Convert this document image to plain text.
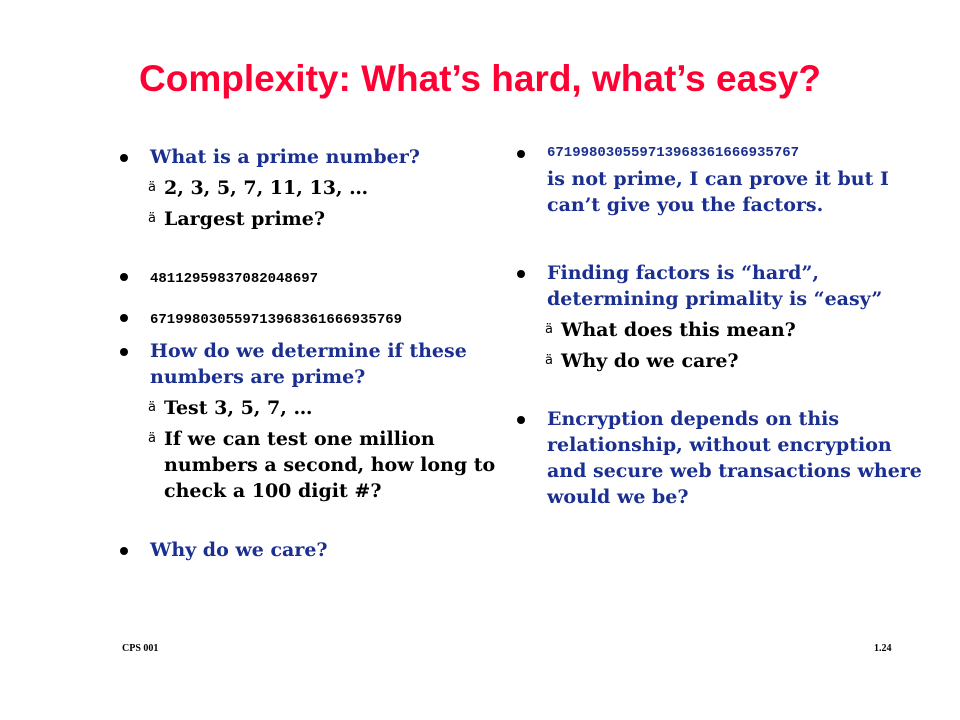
Complexity: What’s hard, what’s easy?
What is a prime number?
ä 2, 3, 5, 7, 11, 13, …
ä Largest prime?
48112959837082048697
671998030559713968361666935769
How do we determine if these numbers are prime?
ä Test 3, 5, 7, …
ä If we can test one million numbers a second, how long to check a 100 digit #?
Why do we care?
671998030559713968361666935767
is not prime, I can prove it but I can’t give you the factors.
Finding factors is “hard”, determining primality is “easy”
ä What does this mean?
ä Why do we care?
Encryption depends on this relationship, without encryption and secure web transactions where would we be?
CPS 001	1.24
